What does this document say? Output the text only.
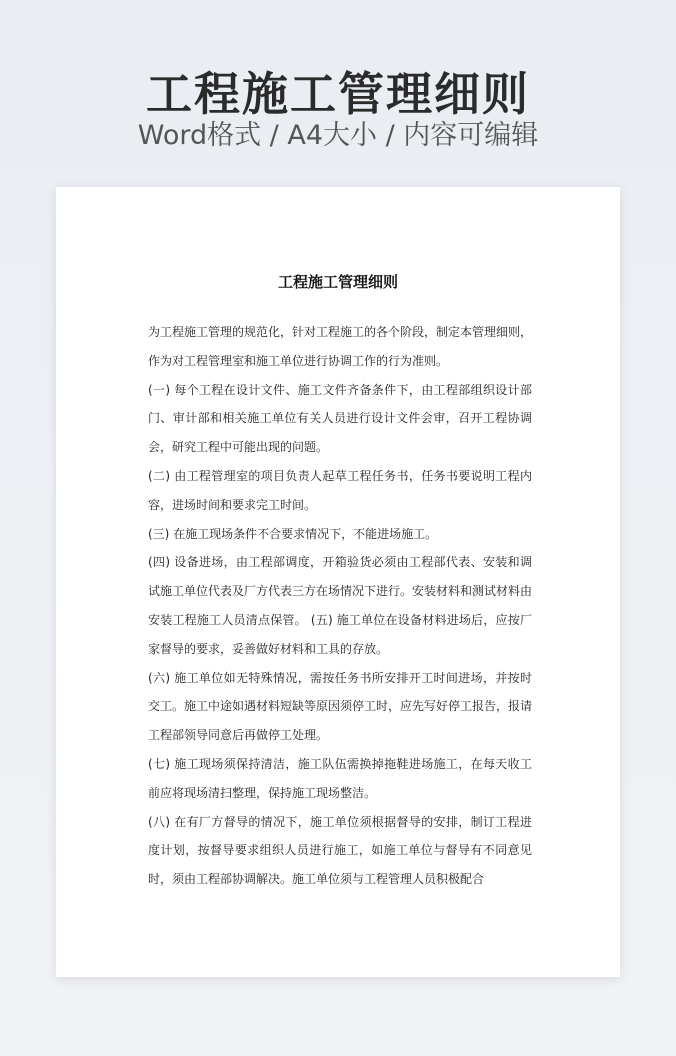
工程施工管理细则
Word格式 / A4大小 / 内容可编辑
工程施工管理细则

为工程施工管理的规范化，针对工程施工的各个阶段，制定本管理细则，作为对工程管理室和施工单位进行协调工作的行为准则。

(一) 每个工程在设计文件、施工文件齐备条件下，由工程部组织设计部门、审计部和相关施工单位有关人员进行设计文件会审，召开工程协调会，研究工程中可能出现的问题。

(二) 由工程管理室的项目负责人起草工程任务书，任务书要说明工程内容，进场时间和要求完工时间。

(三) 在施工现场条件不合要求情况下，不能进场施工。

(四) 设备进场，由工程部调度，开箱验货必须由工程部代表、安装和调试施工单位代表及厂方代表三方在场情况下进行。安装材料和测试材料由安装工程施工人员清点保管。 (五) 施工单位在设备材料进场后，应按厂家督导的要求，妥善做好材料和工具的存放。

(六) 施工单位如无特殊情况，需按任务书所安排开工时间进场，并按时交工。施工中途如遇材料短缺等原因须停工时，应先写好停工报告，报请工程部领导同意后再做停工处理。

(七) 施工现场须保持清洁，施工队伍需换掉拖鞋进场施工，在每天收工前应将现场清扫整理，保持施工现场整洁。

(八) 在有厂方督导的情况下，施工单位须根据督导的安排，制订工程进度计划，按督导要求组织人员进行施工，如施工单位与督导有不同意见时，须由工程部协调解决。施工单位须与工程管理人员积极配合
